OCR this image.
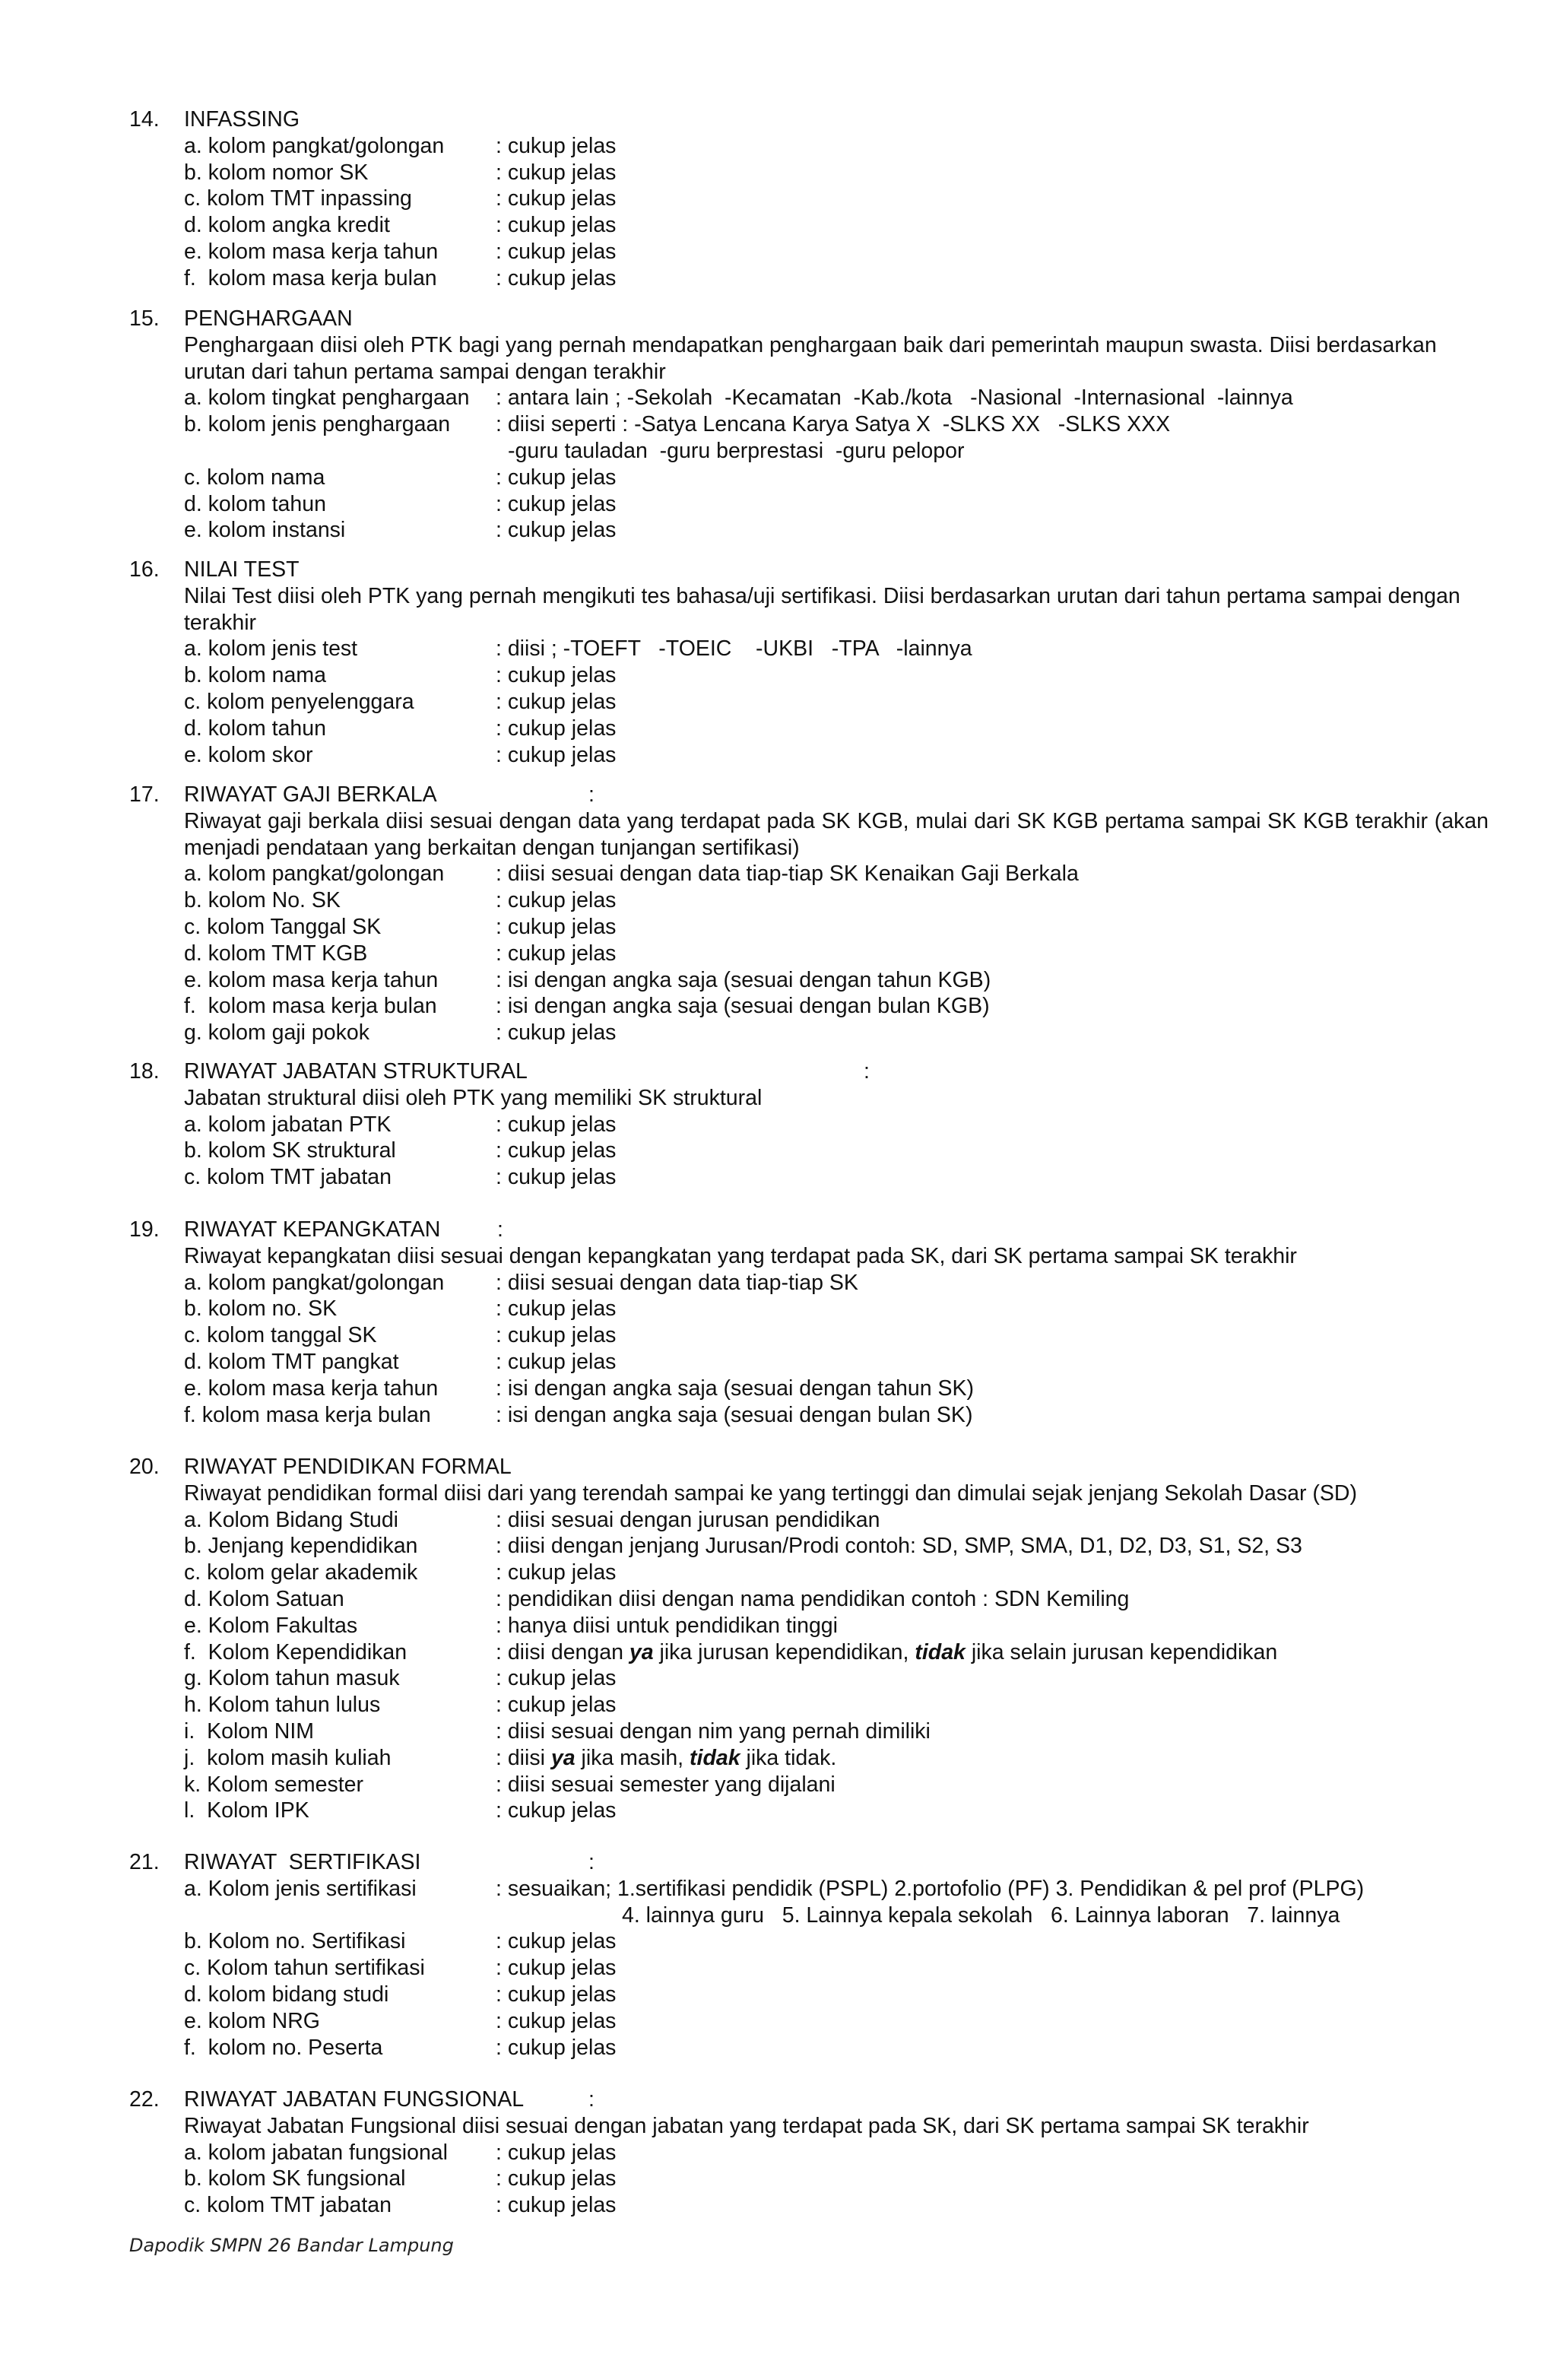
14. INFASSING
a. kolom pangkat/golongan : cukup jelas
b. kolom nomor SK	: cukup jelas
c. kolom TMT inpassing	: cukup jelas
d. kolom angka kredit	: cukup jelas
e. kolom masa kerja tahun	: cukup jelas
f.  kolom masa kerja bulan	: cukup jelas
15. PENGHARGAAN
Penghargaan diisi oleh PTK bagi yang pernah mendapatkan penghargaan baik dari pemerintah maupun swasta. Diisi berdasarkan urutan dari tahun pertama sampai dengan terakhir
a. kolom tingkat penghargaan : antara lain ; -Sekolah  -Kecamatan  -Kab./kota   -Nasional  -Internasional  -lainnya
b. kolom jenis penghargaan : diisi seperti : -Satya Lencana Karya Satya X  -SLKS XX   -SLKS XXX
-guru tauladan  -guru berprestasi  -guru pelopor
c. kolom nama	: cukup jelas
d. kolom tahun	: cukup jelas
e. kolom instansi	: cukup jelas
16. NILAI TEST
Nilai Test diisi oleh PTK yang pernah mengikuti tes bahasa/uji sertifikasi. Diisi berdasarkan urutan dari tahun pertama sampai dengan terakhir
a. kolom jenis test	: diisi ; -TOEFT   -TOEIC    -UKBI   -TPA   -lainnya
b. kolom nama	: cukup jelas
c. kolom penyelenggara	: cukup jelas
d. kolom tahun	: cukup jelas
e. kolom skor	: cukup jelas
17. RIWAYAT GAJI BERKALA	:
Riwayat gaji berkala diisi sesuai dengan data yang terdapat pada SK KGB, mulai dari SK KGB pertama sampai SK KGB terakhir (akan menjadi pendataan yang berkaitan dengan tunjangan sertifikasi)
a. kolom pangkat/golongan : diisi sesuai dengan data tiap-tiap SK Kenaikan Gaji Berkala
b. kolom No. SK	: cukup jelas
c. kolom Tanggal SK	: cukup jelas
d. kolom TMT KGB	: cukup jelas
e. kolom masa kerja tahun	: isi dengan angka saja (sesuai dengan tahun KGB)
f.  kolom masa kerja bulan	: isi dengan angka saja (sesuai dengan bulan KGB)
g. kolom gaji pokok	: cukup jelas
18. RIWAYAT JABATAN STRUKTURAL	:
Jabatan struktural diisi oleh PTK yang memiliki SK struktural
a. kolom jabatan PTK	: cukup jelas
b. kolom SK struktural	: cukup jelas
c. kolom TMT jabatan	: cukup jelas
19. RIWAYAT KEPANGKATAN	:
Riwayat kepangkatan diisi sesuai dengan kepangkatan yang terdapat pada SK, dari SK pertama sampai SK terakhir
a. kolom pangkat/golongan : diisi sesuai dengan data tiap-tiap SK
b. kolom no. SK	: cukup jelas
c. kolom tanggal SK	: cukup jelas
d. kolom TMT pangkat	: cukup jelas
e. kolom masa kerja tahun	: isi dengan angka saja (sesuai dengan tahun SK)
f. kolom masa kerja bulan	: isi dengan angka saja (sesuai dengan bulan SK)
20. RIWAYAT PENDIDIKAN FORMAL
Riwayat pendidikan formal diisi dari yang terendah sampai ke yang tertinggi dan dimulai sejak jenjang Sekolah Dasar (SD)
a. Kolom Bidang Studi	: diisi sesuai dengan jurusan pendidikan
b. Jenjang kependidikan	: diisi dengan jenjang Jurusan/Prodi contoh: SD, SMP, SMA, D1, D2, D3, S1, S2, S3
c. kolom gelar akademik	: cukup jelas
d. Kolom Satuan	: pendidikan diisi dengan nama pendidikan contoh : SDN Kemiling
e. Kolom Fakultas	: hanya diisi untuk pendidikan tinggi
f.  Kolom Kependidikan	: diisi dengan ya jika jurusan kependidikan, tidak jika selain jurusan kependidikan
g. Kolom tahun masuk	: cukup jelas
h. Kolom tahun lulus	: cukup jelas
i.  Kolom NIM	: diisi sesuai dengan nim yang pernah dimiliki
j.  kolom masih kuliah	: diisi ya jika masih, tidak jika tidak.
k. Kolom semester	: diisi sesuai semester yang dijalani
l.  Kolom IPK	: cukup jelas
21. RIWAYAT  SERTIFIKASI	:
a. Kolom jenis sertifikasi	: sesuaikan; 1.sertifikasi pendidik (PSPL) 2.portofolio (PF) 3. Pendidikan & pel prof (PLPG)
4. lainnya guru   5. Lainnya kepala sekolah   6. Lainnya laboran   7. lainnya
b. Kolom no. Sertifikasi	: cukup jelas
c. Kolom tahun sertifikasi	: cukup jelas
d. kolom bidang studi	: cukup jelas
e. kolom NRG	: cukup jelas
f.  kolom no. Peserta	: cukup jelas
22. RIWAYAT JABATAN FUNGSIONAL	:
Riwayat Jabatan Fungsional diisi sesuai dengan jabatan yang terdapat pada SK, dari SK pertama sampai SK terakhir
a. kolom jabatan fungsional : cukup jelas
b. kolom SK fungsional	: cukup jelas
c. kolom TMT jabatan	: cukup jelas
Dapodik SMPN 26 Bandar Lampung
